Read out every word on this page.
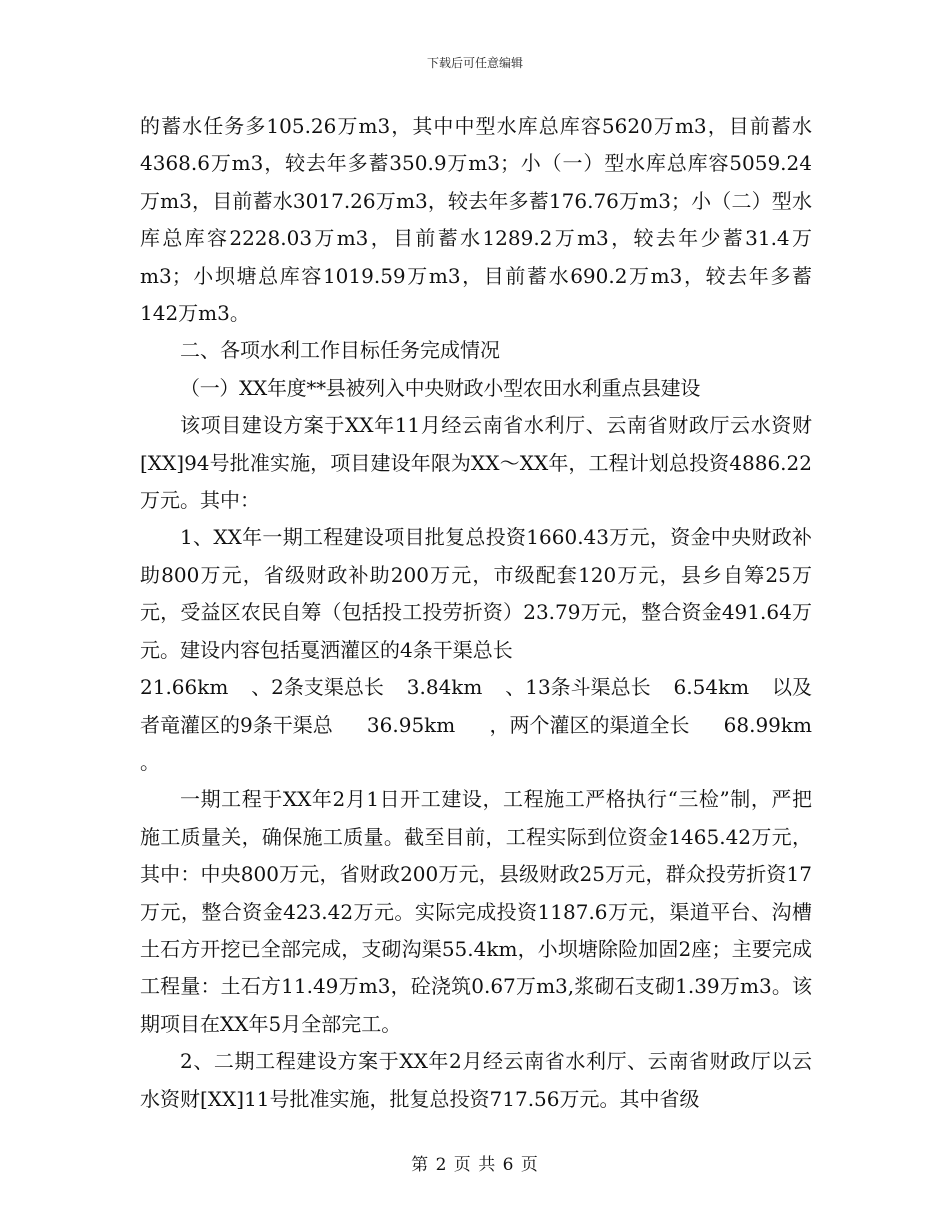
下载后可任意编辑

的蓄水任务多105.26万m3，其中中型水库总库容5620万m3，目前蓄水4368.6万m3，较去年多蓄350.9万m3；小（一）型水库总库容5059.24万m3，目前蓄水3017.26万m3，较去年多蓄176.76万m3；小（二）型水库总库容2228.03万m3，目前蓄水1289.2万m3，较去年少蓄31.4万m3；小坝塘总库容1019.59万m3，目前蓄水690.2万m3，较去年多蓄142万m3。

二、各项水利工作目标任务完成情况

（一）XX年度**县被列入中央财政小型农田水利重点县建设

该项目建设方案于XX年11月经云南省水利厅、云南省财政厅云水资财[XX]94号批准实施，项目建设年限为XX～XX年，工程计划总投资4886.22万元。其中：

1、XX年一期工程建设项目批复总投资1660.43万元，资金中央财政补助800万元，省级财政补助200万元，市级配套120万元，县乡自筹25万元，受益区农民自筹（包括投工投劳折资）23.79万元，整合资金491.64万元。建设内容包括戛洒灌区的4条干渠总长

21.66km 、2条支渠总长 3.84km 、13条斗渠总长 6.54km 以及
者竜灌区的9条干渠总 36.95km ，两个灌区的渠道全长 68.99km

。

一期工程于XX年2月1日开工建设，工程施工严格执行“三检”制，严把施工质量关，确保施工质量。截至目前，工程实际到位资金1465.42万元，其中：中央800万元，省财政200万元，县级财政25万元，群众投劳折资17万元，整合资金423.42万元。实际完成投资1187.6万元，渠道平台、沟槽土石方开挖已全部完成，支砌沟渠55.4km，小坝塘除险加固2座；主要完成工程量：土石方11.49万m3，砼浇筑0.67万m3,浆砌石支砌1.39万m3。该期项目在XX年5月全部完工。

2、二期工程建设方案于XX年2月经云南省水利厅、云南省财政厅以云水资财[XX]11号批准实施，批复总投资717.56万元。其中省级

第 2 页 共 6 页
